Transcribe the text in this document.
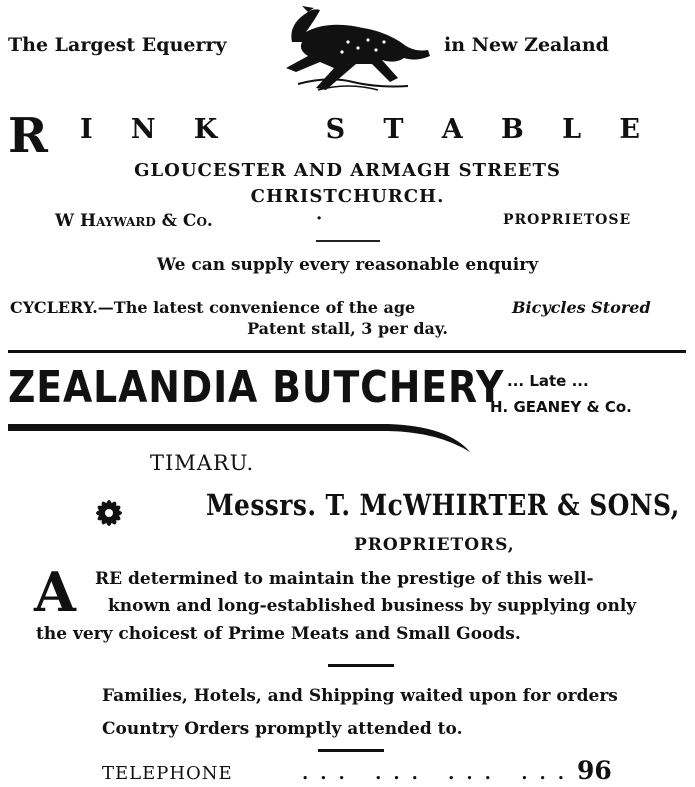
The Largest Equerry	in New Zealand
R I N K	S T A B L E
GLOUCESTER AND ARMAGH STREETS
CHRISTCHURCH.
W Hayward & Co.	·	PROPRIETOSE
We can supply every reasonable enquiry
CYCLERY.—The latest convenience of the age	Bicycles Stored
Patent stall, 3 per day.
ZEALANDIA BUTCHERY ... Late ...
H. GEANEY & Co.
TIMARU.
Messrs. T. McWHIRTER & SONS,
PROPRIETORS,
A RE determined to maintain the prestige of this well-
known and long-established business by supplying only
the very choicest of Prime Meats and Small Goods.
Families, Hotels, and Shipping waited upon for orders
Country Orders promptly attended to.
TELEPHONE	... ... ... ... 96
